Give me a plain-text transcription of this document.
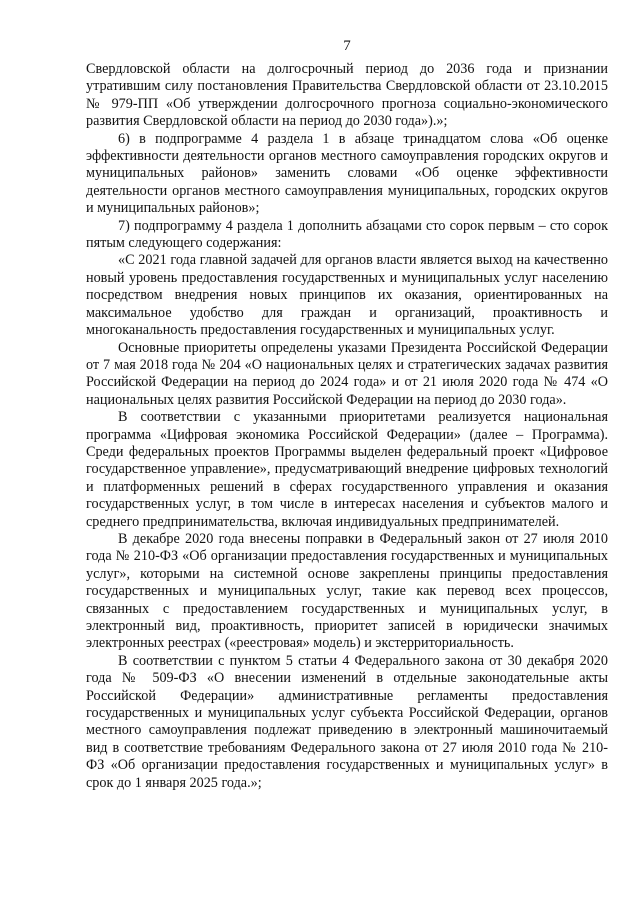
7

Свердловской области на долгосрочный период до 2036 года и признании утратившим силу постановления Правительства Свердловской области от 23.10.2015 № 979-ПП «Об утверждении долгосрочного прогноза социально-экономического развития Свердловской области на период до 2030 года»).»;

6) в подпрограмме 4 раздела 1 в абзаце тринадцатом слова «Об оценке эффективности деятельности органов местного самоуправления городских округов и муниципальных районов» заменить словами «Об оценке эффективности деятельности органов местного самоуправления муниципальных, городских округов и муниципальных районов»;

7) подпрограмму 4 раздела 1 дополнить абзацами сто сорок первым – сто сорок пятым следующего содержания:

«С 2021 года главной задачей для органов власти является выход на качественно новый уровень предоставления государственных и муниципальных услуг населению посредством внедрения новых принципов их оказания, ориентированных на максимальное удобство для граждан и организаций, проактивность и многоканальность предоставления государственных и муниципальных услуг.

Основные приоритеты определены указами Президента Российской Федерации от 7 мая 2018 года № 204 «О национальных целях и стратегических задачах развития Российской Федерации на период до 2024 года» и от 21 июля 2020 года № 474 «О национальных целях развития Российской Федерации на период до 2030 года».

В соответствии с указанными приоритетами реализуется национальная программа «Цифровая экономика Российской Федерации» (далее – Программа). Среди федеральных проектов Программы выделен федеральный проект «Цифровое государственное управление», предусматривающий внедрение цифровых технологий и платформенных решений в сферах государственного управления и оказания государственных услуг, в том числе в интересах населения и субъектов малого и среднего предпринимательства, включая индивидуальных предпринимателей.

В декабре 2020 года внесены поправки в Федеральный закон от 27 июля 2010 года № 210-ФЗ «Об организации предоставления государственных и муниципальных услуг», которыми на системной основе закреплены принципы предоставления государственных и муниципальных услуг, такие как перевод всех процессов, связанных с предоставлением государственных и муниципальных услуг, в электронный вид, проактивность, приоритет записей в юридически значимых электронных реестрах («реестровая» модель) и экстерриториальность.

В соответствии с пунктом 5 статьи 4 Федерального закона от 30 декабря 2020 года № 509-ФЗ «О внесении изменений в отдельные законодательные акты Российской Федерации» административные регламенты предоставления государственных и муниципальных услуг субъекта Российской Федерации, органов местного самоуправления подлежат приведению в электронный машиночитаемый вид в соответствие требованиям Федерального закона от 27 июля 2010 года № 210-ФЗ «Об организации предоставления государственных и муниципальных услуг» в срок до 1 января 2025 года.»;
